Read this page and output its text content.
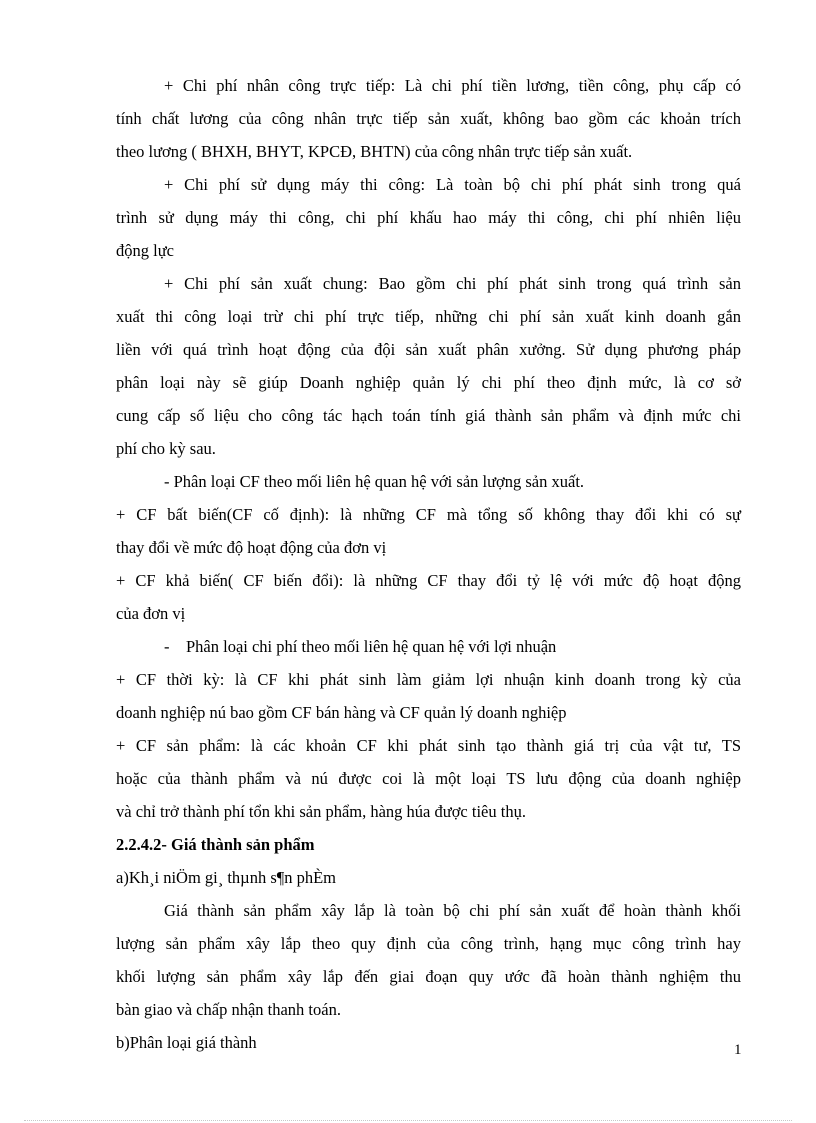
+ Chi phí nhân công trực tiếp: Là chi phí tiền lương, tiền công, phụ cấp có
tính chất lương của công nhân trực tiếp sản xuất, không bao gồm các khoản trích
theo lương ( BHXH, BHYT, KPCĐ, BHTN) của công nhân trực tiếp sản xuất.
+ Chi phí sử dụng máy thi công: Là toàn bộ chi phí phát sinh trong quá
trình sử dụng máy thi công, chi phí khấu hao máy thi công, chi phí nhiên liệu
động lực
+ Chi phí sản xuất chung: Bao gồm chi phí phát sinh trong quá trình sản
xuất thi công loại trừ chi phí trực tiếp, những chi phí sản xuất kinh doanh gắn
liền với quá trình hoạt động của đội sản xuất phân xưởng. Sử dụng phương pháp
phân loại này sẽ giúp Doanh nghiệp quản lý chi phí theo định mức, là cơ sở
cung cấp số liệu cho công tác hạch toán tính giá thành sản phẩm và định mức chi
phí cho kỳ sau.
- Phân loại CF theo mối liên hệ quan hệ với sản lượng sản xuất.
+ CF bất biến(CF cố định): là những CF mà tổng số không thay đổi khi có sự
thay đổi về mức độ hoạt động của đơn vị
+ CF khả biến( CF biến đổi): là những CF thay đổi tỷ lệ với mức độ hoạt động
của đơn vị
-    Phân loại chi phí theo mối liên hệ quan hệ với lợi nhuận
+ CF thời kỳ: là CF khi phát sinh làm giảm lợi nhuận kinh doanh trong kỳ của
doanh nghiệp nú bao gồm CF bán hàng và CF quản lý doanh nghiệp
+ CF sản phẩm: là các khoản CF khi phát sinh tạo thành giá trị của vật tư, TS
hoặc của thành phẩm và nú được coi là một loại TS lưu động của doanh nghiệp
và chỉ trở thành phí tổn khi sản phẩm, hàng húa được tiêu thụ.
2.2.4.2- Giá thành sản phẩm
a)Kh¸i niÖm gi¸ thµnh s¶n phÈm
Giá thành sản phẩm xây lắp là toàn bộ chi phí sản xuất để hoàn thành khối
lượng sản phẩm xây lắp theo quy định của công trình, hạng mục công trình hay
khối lượng sản phẩm xây lắp đến giai đoạn quy ước đã hoàn thành nghiệm thu
bàn giao và chấp nhận thanh toán.
b)Phân loại giá thành	1
